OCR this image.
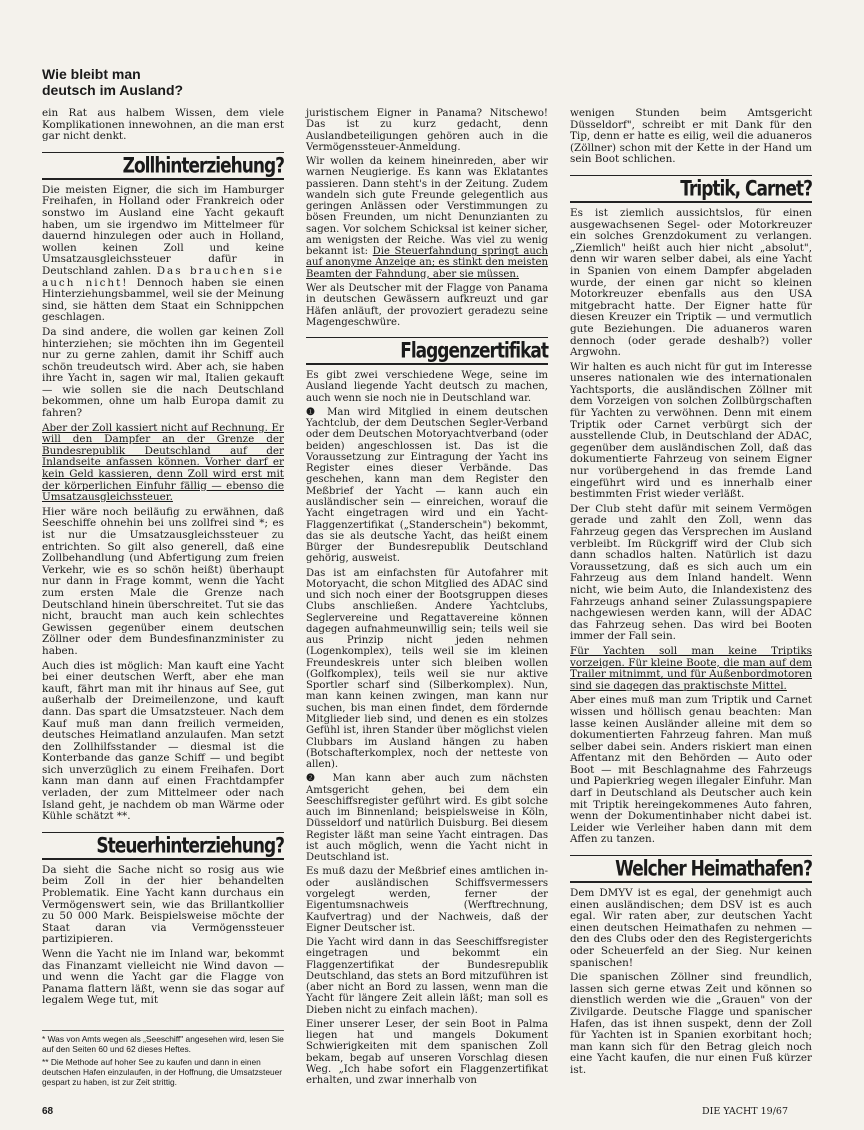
Wie bleibt man
deutsch im Ausland?

ein Rat aus halbem Wissen, dem viele Komplikationen innewohnen, an die man erst gar nicht denkt.

Zollhinterziehung?

Die meisten Eigner, die sich im Hamburger Freihafen, in Holland oder Frankreich oder sonstwo im Ausland eine Yacht gekauft haben, um sie irgendwo im Mittelmeer für dauernd hinzulegen oder auch in Holland, wollen keinen Zoll und keine Umsatzausgleichssteuer dafür in Deutschland zahlen. Das brauchen sie auch nicht! Dennoch haben sie einen Hinterziehungsbammel, weil sie der Meinung sind, sie hätten dem Staat ein Schnippchen geschlagen.

Da sind andere, die wollen gar keinen Zoll hinterziehen; sie möchten ihn im Gegenteil nur zu gerne zahlen, damit ihr Schiff auch schön treudeutsch wird. Aber ach, sie haben ihre Yacht in, sagen wir mal, Italien gekauft — wie sollen sie die nach Deutschland bekommen, ohne um halb Europa damit zu fahren?

Aber der Zoll kassiert nicht auf Rechnung. Er will den Dampfer an der Grenze der Bundesrepublik Deutschland auf der Inlandseite anfassen können. Vorher darf er kein Geld kassieren, denn Zoll wird erst mit der körperlichen Einfuhr fällig — ebenso die Umsatzausgleichssteuer.

Hier wäre noch beiläufig zu erwähnen, daß Seeschiffe ohnehin bei uns zollfrei sind *; es ist nur die Umsatzausgleichssteuer zu entrichten. So gilt also generell, daß eine Zollbehandlung (und Abfertigung zum freien Verkehr, wie es so schön heißt) überhaupt nur dann in Frage kommt, wenn die Yacht zum ersten Male die Grenze nach Deutschland hinein überschreitet. Tut sie das nicht, braucht man auch kein schlechtes Gewissen gegenüber einem deutschen Zöllner oder dem Bundesfinanzminister zu haben.

Auch dies ist möglich: Man kauft eine Yacht bei einer deutschen Werft, aber ehe man kauft, fährt man mit ihr hinaus auf See, gut außerhalb der Dreimeilenzone, und kauft dann. Das spart die Umsatzsteuer. Nach dem Kauf muß man dann freilich vermeiden, deutsches Heimatland anzulaufen. Man setzt den Zollhilfsstander — diesmal ist die Konterbande das ganze Schiff — und begibt sich unverzüglich zu einem Freihafen. Dort kann man dann auf einen Frachtdampfer verladen, der zum Mittelmeer oder nach Island geht, je nachdem ob man Wärme oder Kühle schätzt **.

Steuerhinterziehung?

Da sieht die Sache nicht so rosig aus wie beim Zoll in der hier behandelten Problematik. Eine Yacht kann durchaus ein Vermögenswert sein, wie das Brillantkollier zu 50 000 Mark. Beispielsweise möchte der Staat daran via Vermögenssteuer partizipieren.

Wenn die Yacht nie im Inland war, bekommt das Finanzamt vielleicht nie Wind davon — und wenn die Yacht gar die Flagge von Panama flattern läßt, wenn sie das sogar auf legalem Wege tut, mit

juristischem Eigner in Panama? Nitschewo! Das ist zu kurz gedacht, denn Auslandbeteiligungen gehören auch in die Vermögenssteuer-Anmeldung.

Wir wollen da keinem hineinreden, aber wir warnen Neugierige. Es kann was Eklatantes passieren. Dann steht's in der Zeitung. Zudem wandeln sich gute Freunde gelegentlich aus geringen Anlässen oder Verstimmungen zu bösen Freunden, um nicht Denunzianten zu sagen. Vor solchem Schicksal ist keiner sicher, am wenigsten der Reiche. Was viel zu wenig bekannt ist: Die Steuerfahndung springt auch auf anonyme Anzeige an; es stinkt den meisten Beamten der Fahndung, aber sie müssen.

Wer als Deutscher mit der Flagge von Panama in deutschen Gewässern aufkreuzt und gar Häfen anläuft, der provoziert geradezu seine Magengeschwüre.

Flaggenzertifikat

Es gibt zwei verschiedene Wege, seine im Ausland liegende Yacht deutsch zu machen, auch wenn sie noch nie in Deutschland war.

❶ Man wird Mitglied in einem deutschen Yachtclub, der dem Deutschen Segler-Verband oder dem Deutschen Motoryachtverband (oder beiden) angeschlossen ist. Das ist die Voraussetzung zur Eintragung der Yacht ins Register eines dieser Verbände. Das geschehen, kann man dem Register den Meßbrief der Yacht — kann auch ein ausländischer sein — einreichen, worauf die Yacht eingetragen wird und ein Yacht-Flaggenzertifikat („Standerschein") bekommt, das sie als deutsche Yacht, das heißt einem Bürger der Bundesrepublik Deutschland gehörig, ausweist.

Das ist am einfachsten für Autofahrer mit Motoryacht, die schon Mitglied des ADAC sind und sich noch einer der Bootsgruppen dieses Clubs anschließen. Andere Yachtclubs, Seglervereine und Regattavereine können dagegen aufnahmeunwillig sein; teils weil sie aus Prinzip nicht jeden nehmen (Logenkomplex), teils weil sie im kleinen Freundeskreis unter sich bleiben wollen (Golfkomplex), teils weil sie nur aktive Sportler scharf sind (Silberkomplex). Nun, man kann keinen zwingen, man kann nur suchen, bis man einen findet, dem fördernde Mitglieder lieb sind, und denen es ein stolzes Gefühl ist, ihren Stander über möglichst vielen Clubbars im Ausland hängen zu haben (Botschafterkomplex, noch der netteste von allen).

❷ Man kann aber auch zum nächsten Amtsgericht gehen, bei dem ein Seeschiffsregister geführt wird. Es gibt solche auch im Binnenland; beispielsweise in Köln, Düsseldorf und natürlich Duisburg. Bei diesem Register läßt man seine Yacht eintragen. Das ist auch möglich, wenn die Yacht nicht in Deutschland ist.

Es muß dazu der Meßbrief eines amtlichen in- oder ausländischen Schiffsvermessers vorgelegt werden, ferner der Eigentumsnachweis (Werftrechnung, Kaufvertrag) und der Nachweis, daß der Eigner Deutscher ist.

Die Yacht wird dann in das Seeschiffsregister eingetragen und bekommt ein Flaggenzertifikat der Bundesrepublik Deutschland, das stets an Bord mitzuführen ist (aber nicht an Bord zu lassen, wenn man die Yacht für längere Zeit allein läßt; man soll es Dieben nicht zu einfach machen).

Einer unserer Leser, der sein Boot in Palma liegen hat und mangels Dokument Schwierigkeiten mit dem spanischen Zoll bekam, begab auf unseren Vorschlag diesen Weg. „Ich habe sofort ein Flaggenzertifikat erhalten, und zwar innerhalb von

wenigen Stunden beim Amtsgericht Düsseldorf", schreibt er mit Dank für den Tip, denn er hatte es eilig, weil die aduaneros (Zöllner) schon mit der Kette in der Hand um sein Boot schlichen.

Triptik, Carnet?

Es ist ziemlich aussichtslos, für einen ausgewachsenen Segel- oder Motorkreuzer ein solches Grenzdokument zu verlangen. „Ziemlich" heißt auch hier nicht „absolut", denn wir waren selber dabei, als eine Yacht in Spanien von einem Dampfer abgeladen wurde, der einen gar nicht so kleinen Motorkreuzer ebenfalls aus den USA mitgebracht hatte. Der Eigner hatte für diesen Kreuzer ein Triptik — und vermutlich gute Beziehungen. Die aduaneros waren dennoch (oder gerade deshalb?) voller Argwohn.

Wir halten es auch nicht für gut im Interesse unseres nationalen wie des internationalen Yachtsports, die ausländischen Zöllner mit dem Vorzeigen von solchen Zollbürgschaften für Yachten zu verwöhnen. Denn mit einem Triptik oder Carnet verbürgt sich der ausstellende Club, in Deutschland der ADAC, gegenüber dem ausländischen Zoll, daß das dokumentierte Fahrzeug von seinem Eigner nur vorübergehend in das fremde Land eingeführt wird und es innerhalb einer bestimmten Frist wieder verläßt.

Der Club steht dafür mit seinem Vermögen gerade und zahlt den Zoll, wenn das Fahrzeug gegen das Versprechen im Ausland verbleibt. Im Rückgriff wird der Club sich dann schadlos halten. Natürlich ist dazu Voraussetzung, daß es sich auch um ein Fahrzeug aus dem Inland handelt. Wenn nicht, wie beim Auto, die Inlandexistenz des Fahrzeugs anhand seiner Zulassungspapiere nachgewiesen werden kann, will der ADAC das Fahrzeug sehen. Das wird bei Booten immer der Fall sein.

Für Yachten soll man keine Triptiks vorzeigen. Für kleine Boote, die man auf dem Trailer mitnimmt, und für Außenbordmotoren sind sie dagegen das praktischste Mittel.

Aber eines muß man zum Triptik und Carnet wissen und höllisch genau beachten: Man lasse keinen Ausländer alleine mit dem so dokumentierten Fahrzeug fahren. Man muß selber dabei sein. Anders riskiert man einen Affentanz mit den Behörden — Auto oder Boot — mit Beschlagnahme des Fahrzeugs und Papierkrieg wegen illegaler Einfuhr. Man darf in Deutschland als Deutscher auch kein mit Triptik hereingekommenes Auto fahren, wenn der Dokumentinhaber nicht dabei ist. Leider wie Verleiher haben dann mit dem Affen zu tanzen.

Welcher Heimathafen?

Dem DMYV ist es egal, der genehmigt auch einen ausländischen; dem DSV ist es auch egal. Wir raten aber, zur deutschen Yacht einen deutschen Heimathafen zu nehmen — den des Clubs oder den des Registergerichts oder Scheuerfeld an der Sieg. Nur keinen spanischen!

Die spanischen Zöllner sind freundlich, lassen sich gerne etwas Zeit und können so dienstlich werden wie die „Grauen" von der Zivilgarde. Deutsche Flagge und spanischer Hafen, das ist ihnen suspekt, denn der Zoll für Yachten ist in Spanien exorbitant hoch; man kann sich für den Betrag gleich noch eine Yacht kaufen, die nur einen Fuß kürzer ist.

* Was von Amts wegen als „Seeschiff" angesehen wird, lesen Sie auf den Seiten 60 und 62 dieses Heftes.

** Die Methode auf hoher See zu kaufen und dann in einen deutschen Hafen einzulaufen, in der Hoffnung, die Umsatzsteuer gespart zu haben, ist zur Zeit strittig.

68	DIE YACHT 19/67
